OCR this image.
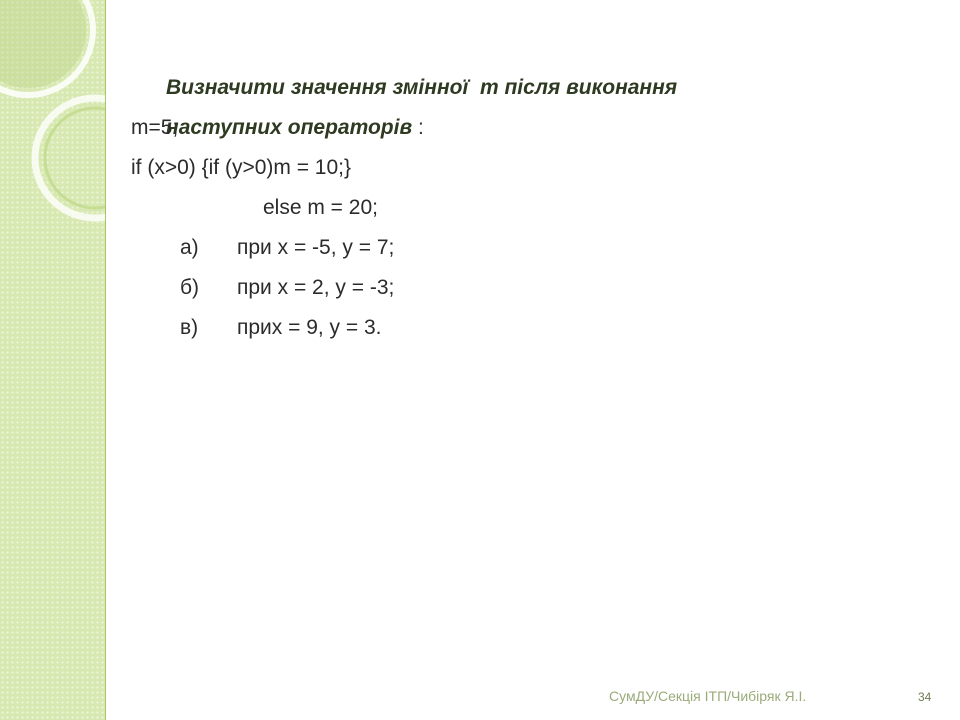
Визначити значення змінної  m після виконання

наступних операторів :

m=5;
if (x>0) {if (y>0)m = 10;}
else m = 20;
а)	при x = -5, y = 7;
б)	при x = 2, y = -3;
в)	прих = 9, y = 3.
СумДУ/Секція ІТП/Чибіряк Я.І.	34
